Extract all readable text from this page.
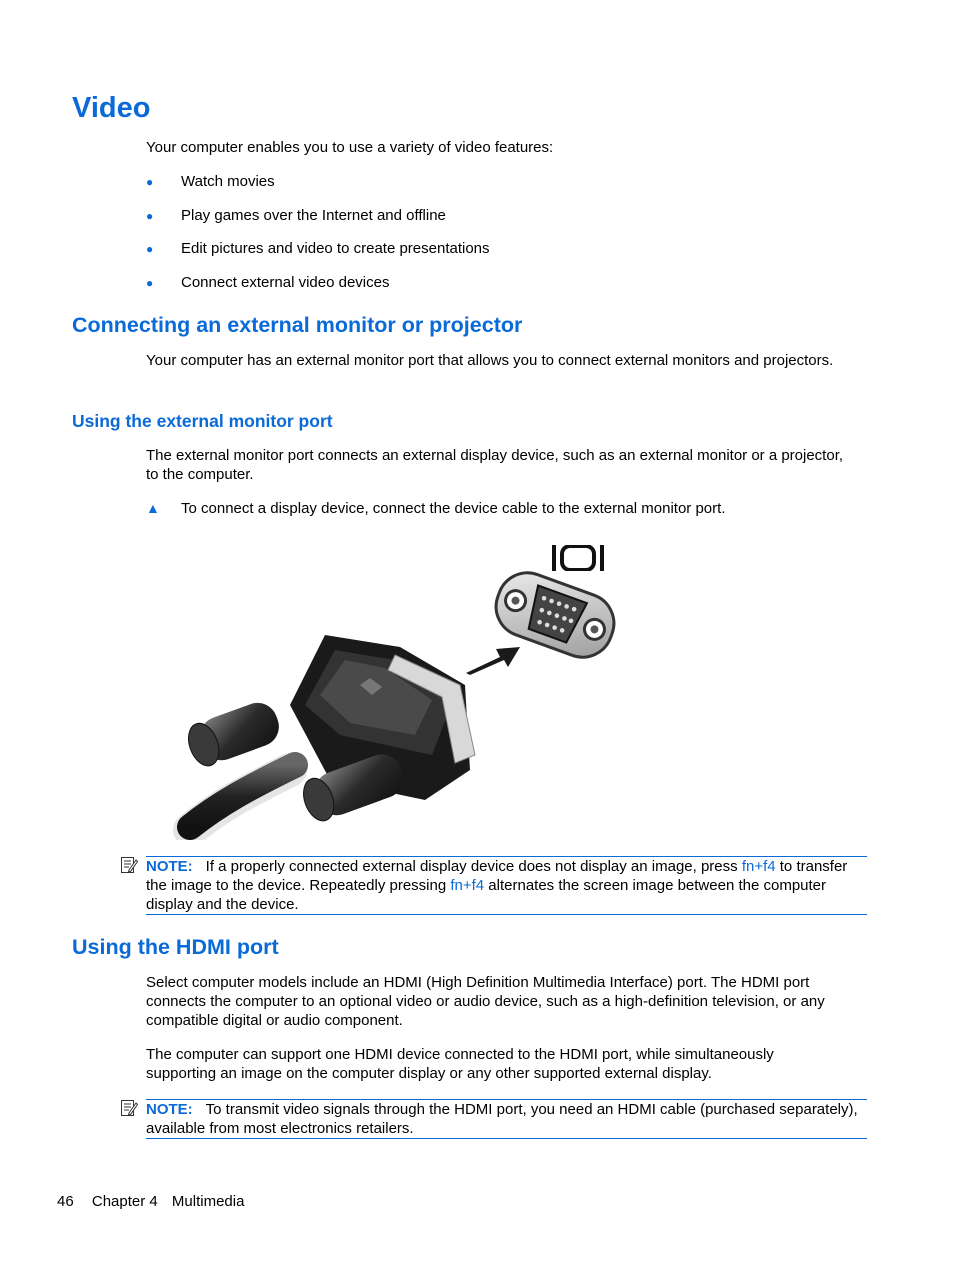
Video

Your computer enables you to use a variety of video features:

● Watch movies
● Play games over the Internet and offline
● Edit pictures and video to create presentations
● Connect external video devices
Connecting an external monitor or projector

Your computer has an external monitor port that allows you to connect external monitors and projectors.

Using the external monitor port

The external monitor port connects an external display device, such as an external monitor or a projector, to the computer.

▲ To connect a display device, connect the device cable to the external monitor port.

NOTE: If a properly connected external display device does not display an image, press fn+f4 to transfer the image to the device. Repeatedly pressing fn+f4 alternates the screen image between the computer display and the device.

Using the HDMI port

Select computer models include an HDMI (High Definition Multimedia Interface) port. The HDMI port connects the computer to an optional video or audio device, such as a high-definition television, or any compatible digital or audio component.

The computer can support one HDMI device connected to the HDMI port, while simultaneously supporting an image on the computer display or any other supported external display.

NOTE: To transmit video signals through the HDMI port, you need an HDMI cable (purchased separately), available from most electronics retailers.

46 Chapter 4 Multimedia
